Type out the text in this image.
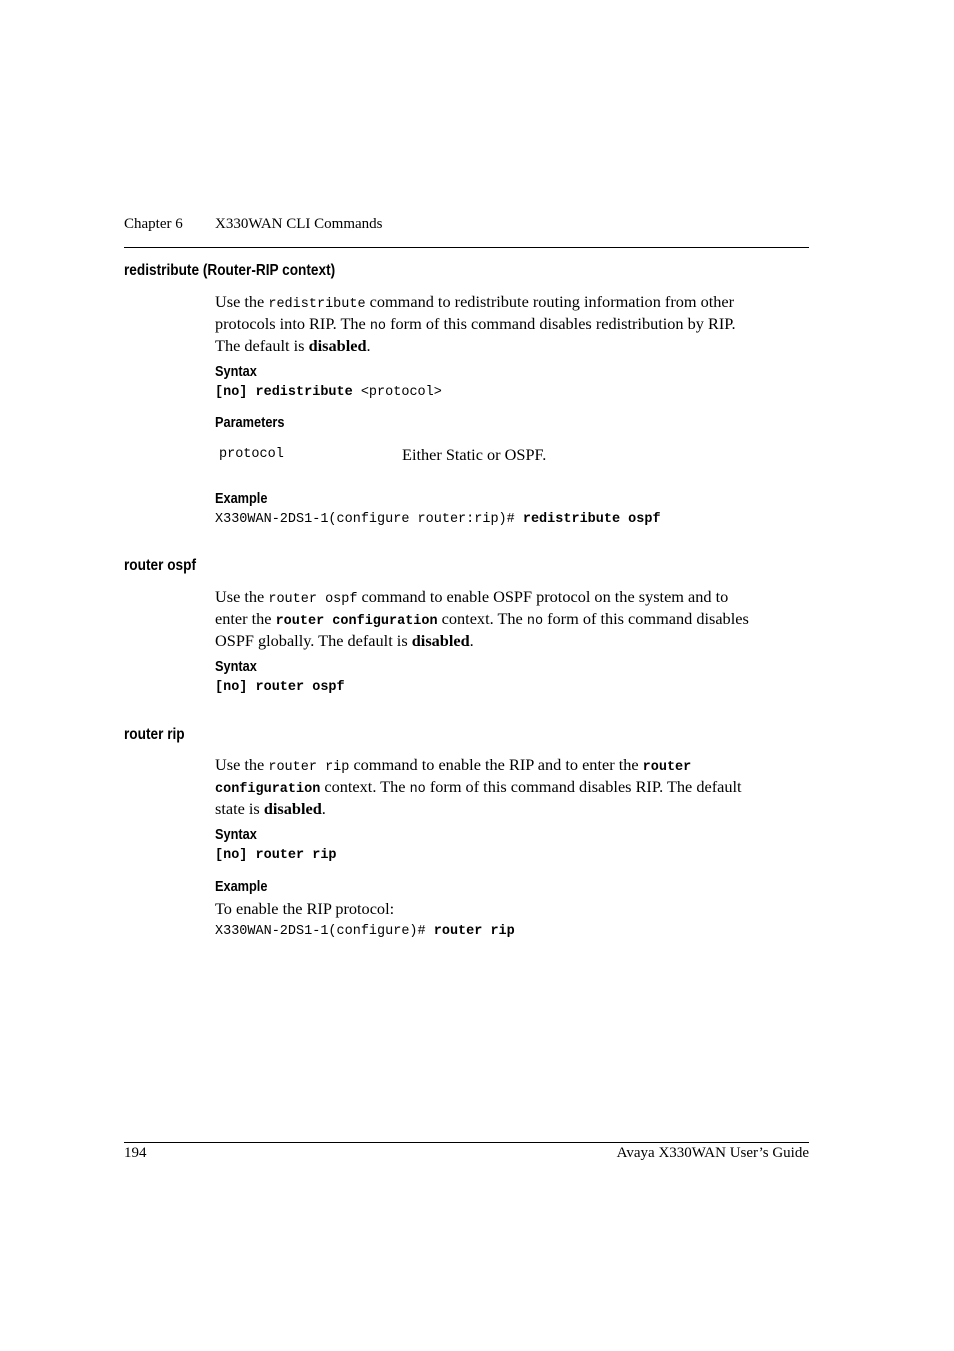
Chapter 6 X330WAN CLI Commands
redistribute (Router-RIP context)
Use the redistribute command to redistribute routing information from other
protocols into RIP. The no form of this command disables redistribution by RIP.
The default is disabled.
Syntax
[no] redistribute <protocol>
Parameters
protocol	Either Static or OSPF.
Example
X330WAN-2DS1-1(configure router:rip)# redistribute ospf
router ospf
Use the router ospf command to enable OSPF protocol on the system and to
enter the router configuration context. The no form of this command disables
OSPF globally. The default is disabled.
Syntax
[no] router ospf
router rip
Use the router rip command to enable the RIP and to enter the router
configuration context. The no form of this command disables RIP. The default
state is disabled.
Syntax
[no] router rip
Example
To enable the RIP protocol:
X330WAN-2DS1-1(configure)# router rip
194	Avaya X330WAN User’s Guide
